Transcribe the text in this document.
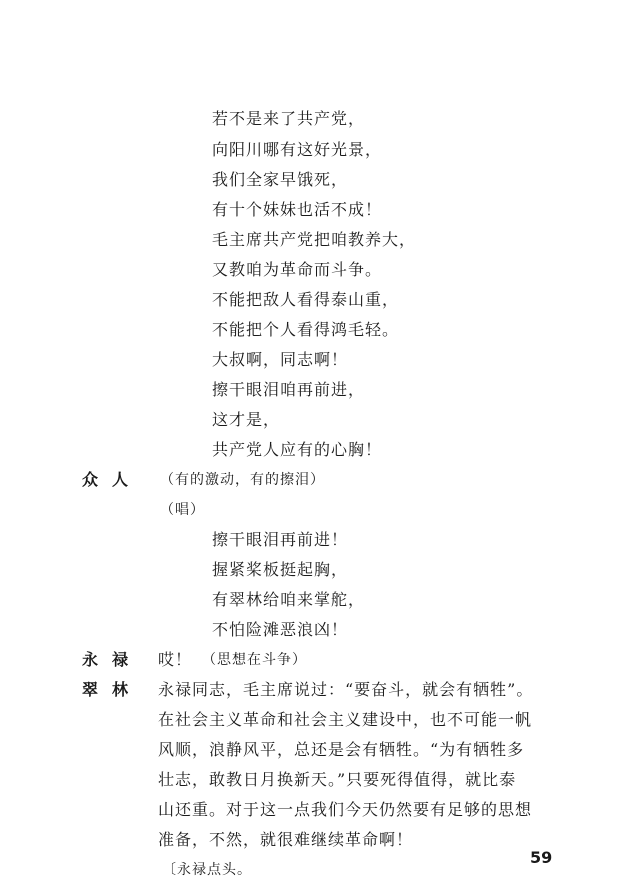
若不是来了共产党，
向阳川哪有这好光景，
我们全家早饿死，
有十个妹妹也活不成！
毛主席共产党把咱教养大，
又教咱为革命而斗争。
不能把敌人看得泰山重，
不能把个人看得鸿毛轻。
大叔啊，同志啊！
擦干眼泪咱再前进，
这才是，
共产党人应有的心胸！
众人 （有的激动，有的擦泪）
（唱）
擦干眼泪再前进！
握紧桨板挺起胸，
有翠林给咱来掌舵，
不怕险滩恶浪凶！
永禄 哎！ （思想在斗争）
翠林 永禄同志，毛主席说过：“要奋斗，就会有牺牲”。
在社会主义革命和社会主义建设中，也不可能一帆
风顺，浪静风平，总还是会有牺牲。“为有牺牲多
壮志，敢教日月换新天。”只要死得值得，就比泰
山还重。对于这一点我们今天仍然要有足够的思想
准备，不然，就很难继续革命啊！
〔永禄点头。
59
